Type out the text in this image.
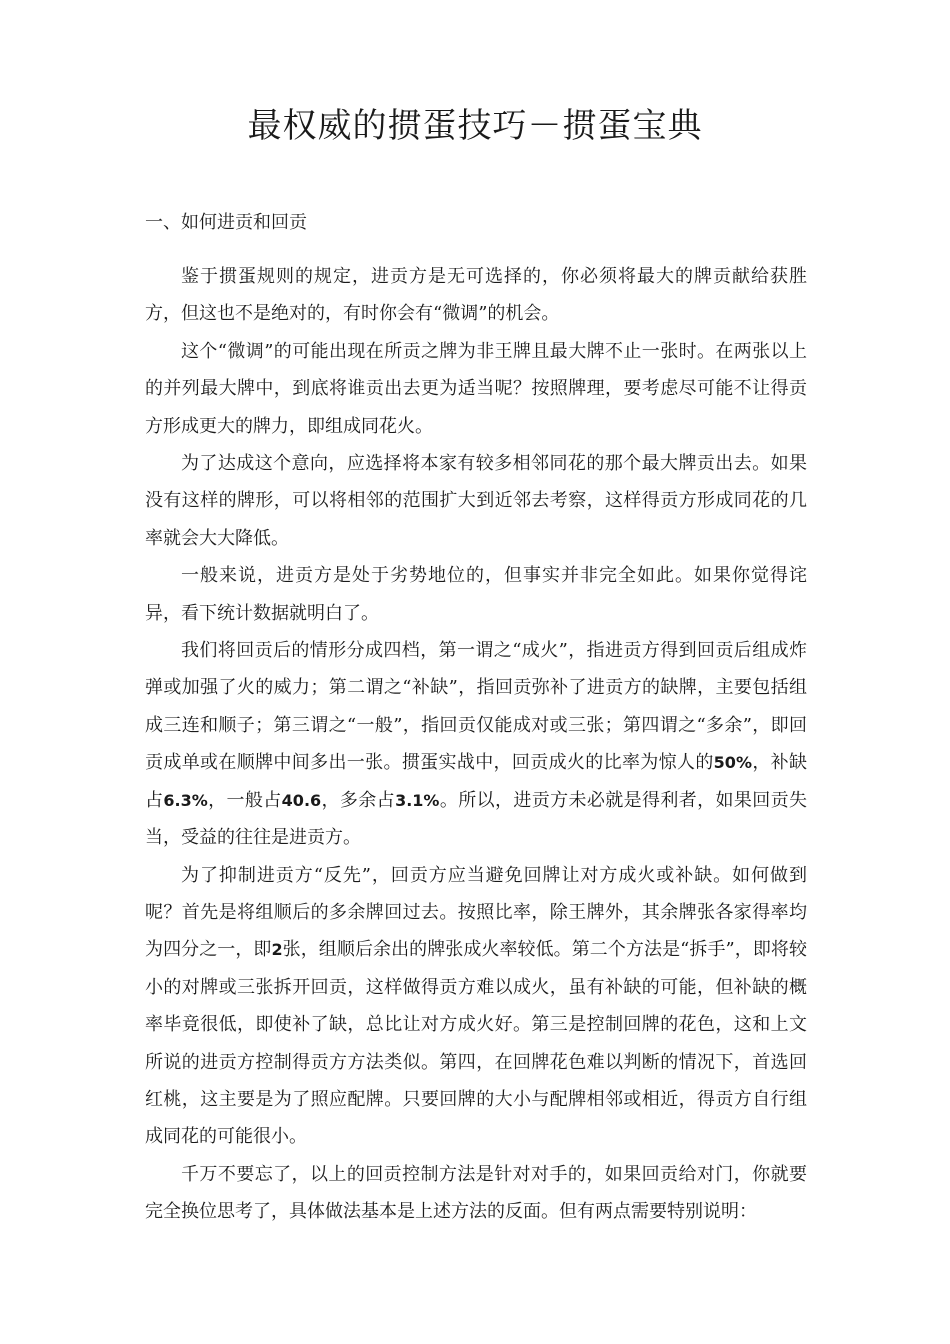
最权威的掼蛋技巧－掼蛋宝典
一、如何进贡和回贡

鉴于掼蛋规则的规定，进贡方是无可选择的，你必须将最大的牌贡献给获胜方，但这也不是绝对的，有时你会有“微调”的机会。

这个“微调”的可能出现在所贡之牌为非王牌且最大牌不止一张时。在两张以上的并列最大牌中，到底将谁贡出去更为适当呢？按照牌理，要考虑尽可能不让得贡方形成更大的牌力，即组成同花火。

为了达成这个意向，应选择将本家有较多相邻同花的那个最大牌贡出去。如果没有这样的牌形，可以将相邻的范围扩大到近邻去考察，这样得贡方形成同花的几率就会大大降低。

一般来说，进贡方是处于劣势地位的，但事实并非完全如此。如果你觉得诧异，看下统计数据就明白了。

我们将回贡后的情形分成四档，第一谓之“成火”，指进贡方得到回贡后组成炸弹或加强了火的威力；第二谓之“补缺”，指回贡弥补了进贡方的缺牌，主要包括组成三连和顺子；第三谓之“一般”，指回贡仅能成对或三张；第四谓之“多余”，即回贡成单或在顺牌中间多出一张。掼蛋实战中，回贡成火的比率为惊人的50%，补缺占6.3%，一般占40.6，多余占3.1%。所以，进贡方未必就是得利者，如果回贡失当，受益的往往是进贡方。

为了抑制进贡方“反先”，回贡方应当避免回牌让对方成火或补缺。如何做到呢？首先是将组顺后的多余牌回过去。按照比率，除王牌外，其余牌张各家得率均为四分之一，即2张，组顺后余出的牌张成火率较低。第二个方法是“拆手”，即将较小的对牌或三张拆开回贡，这样做得贡方难以成火，虽有补缺的可能，但补缺的概率毕竟很低，即使补了缺，总比让对方成火好。第三是控制回牌的花色，这和上文所说的进贡方控制得贡方方法类似。第四，在回牌花色难以判断的情况下，首选回红桃，这主要是为了照应配牌。只要回牌的大小与配牌相邻或相近，得贡方自行组成同花的可能很小。

千万不要忘了，以上的回贡控制方法是针对对手的，如果回贡给对门，你就要完全换位思考了，具体做法基本是上述方法的反面。但有两点需要特别说明：
